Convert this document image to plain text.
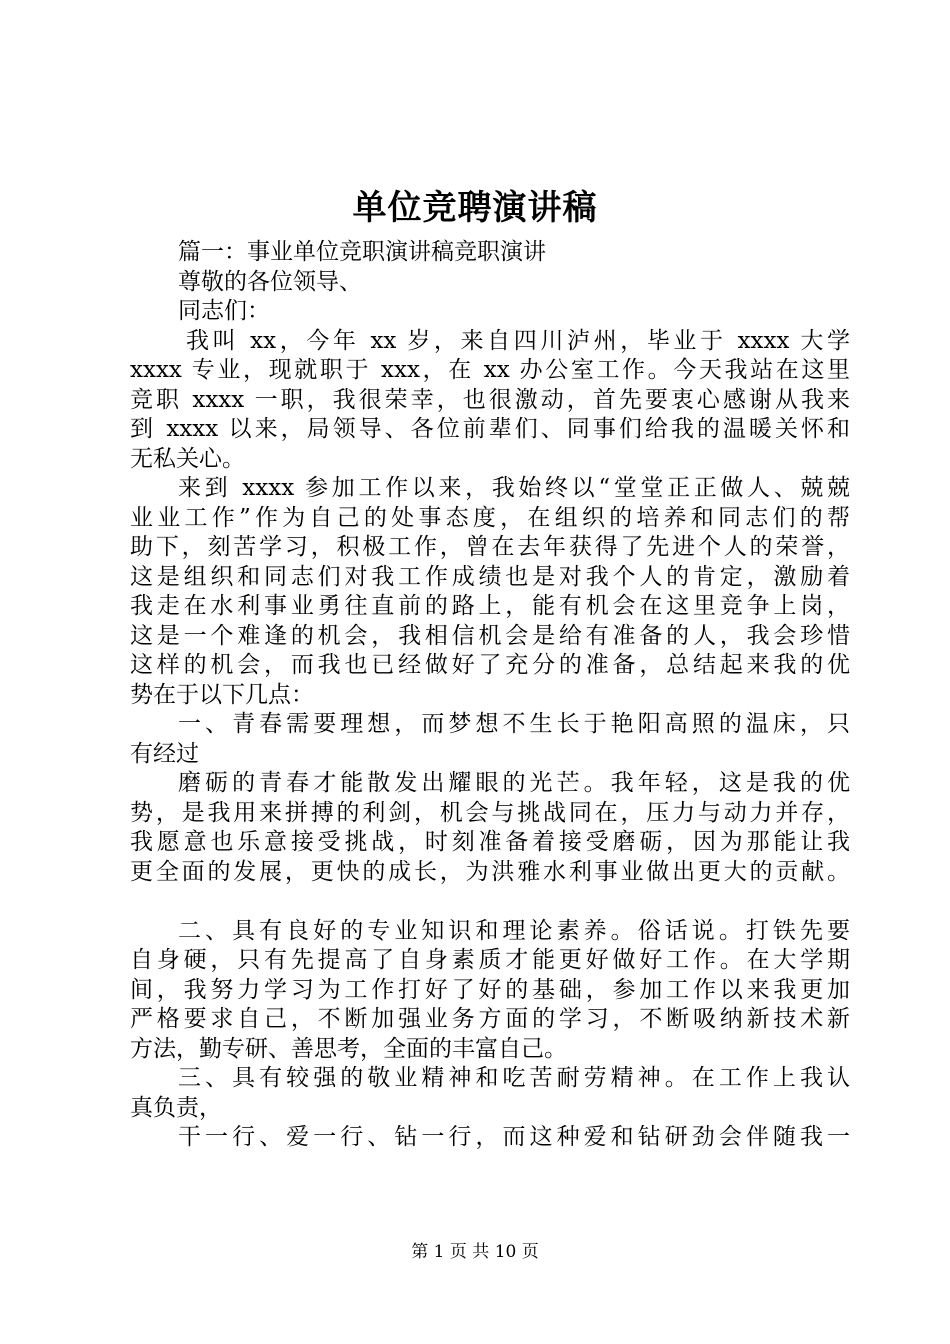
单位竞聘演讲稿
篇一：事业单位竞职演讲稿竞职演讲
尊敬的各位领导、
同志们：
我叫 xx，今年 xx 岁，来自四川泸州，毕业于 xxxx 大学
xxxx 专业，现就职于 xxx，在 xx 办公室工作。今天我站在这里
竞职 xxxx 一职，我很荣幸，也很激动，首先要衷心感谢从我来
到 xxxx 以来，局领导、各位前辈们、同事们给我的温暖关怀和
无私关心。
来到 xxxx 参加工作以来，我始终以“堂堂正正做人、兢兢
业业工作”作为自己的处事态度，在组织的培养和同志们的帮
助下，刻苦学习，积极工作，曾在去年获得了先进个人的荣誉，
这是组织和同志们对我工作成绩也是对我个人的肯定，激励着
我走在水利事业勇往直前的路上，能有机会在这里竞争上岗，
这是一个难逢的机会，我相信机会是给有准备的人，我会珍惜
这样的机会，而我也已经做好了充分的准备，总结起来我的优
势在于以下几点：
一、青春需要理想，而梦想不生长于艳阳高照的温床，只
有经过
磨砺的青春才能散发出耀眼的光芒。我年轻，这是我的优
势，是我用来拼搏的利剑，机会与挑战同在，压力与动力并存，
我愿意也乐意接受挑战，时刻准备着接受磨砺，因为那能让我
更全面的发展，更快的成长，为洪雅水利事业做出更大的贡献。
二、具有良好的专业知识和理论素养。俗话说。打铁先要
自身硬，只有先提高了自身素质才能更好做好工作。在大学期
间，我努力学习为工作打好了好的基础，参加工作以来我更加
严格要求自己，不断加强业务方面的学习，不断吸纳新技术新
方法，勤专研、善思考，全面的丰富自己。
三、具有较强的敬业精神和吃苦耐劳精神。在工作上我认
真负责，
干一行、爱一行、钻一行，而这种爱和钻研劲会伴随我一
第 1 页 共 10 页
